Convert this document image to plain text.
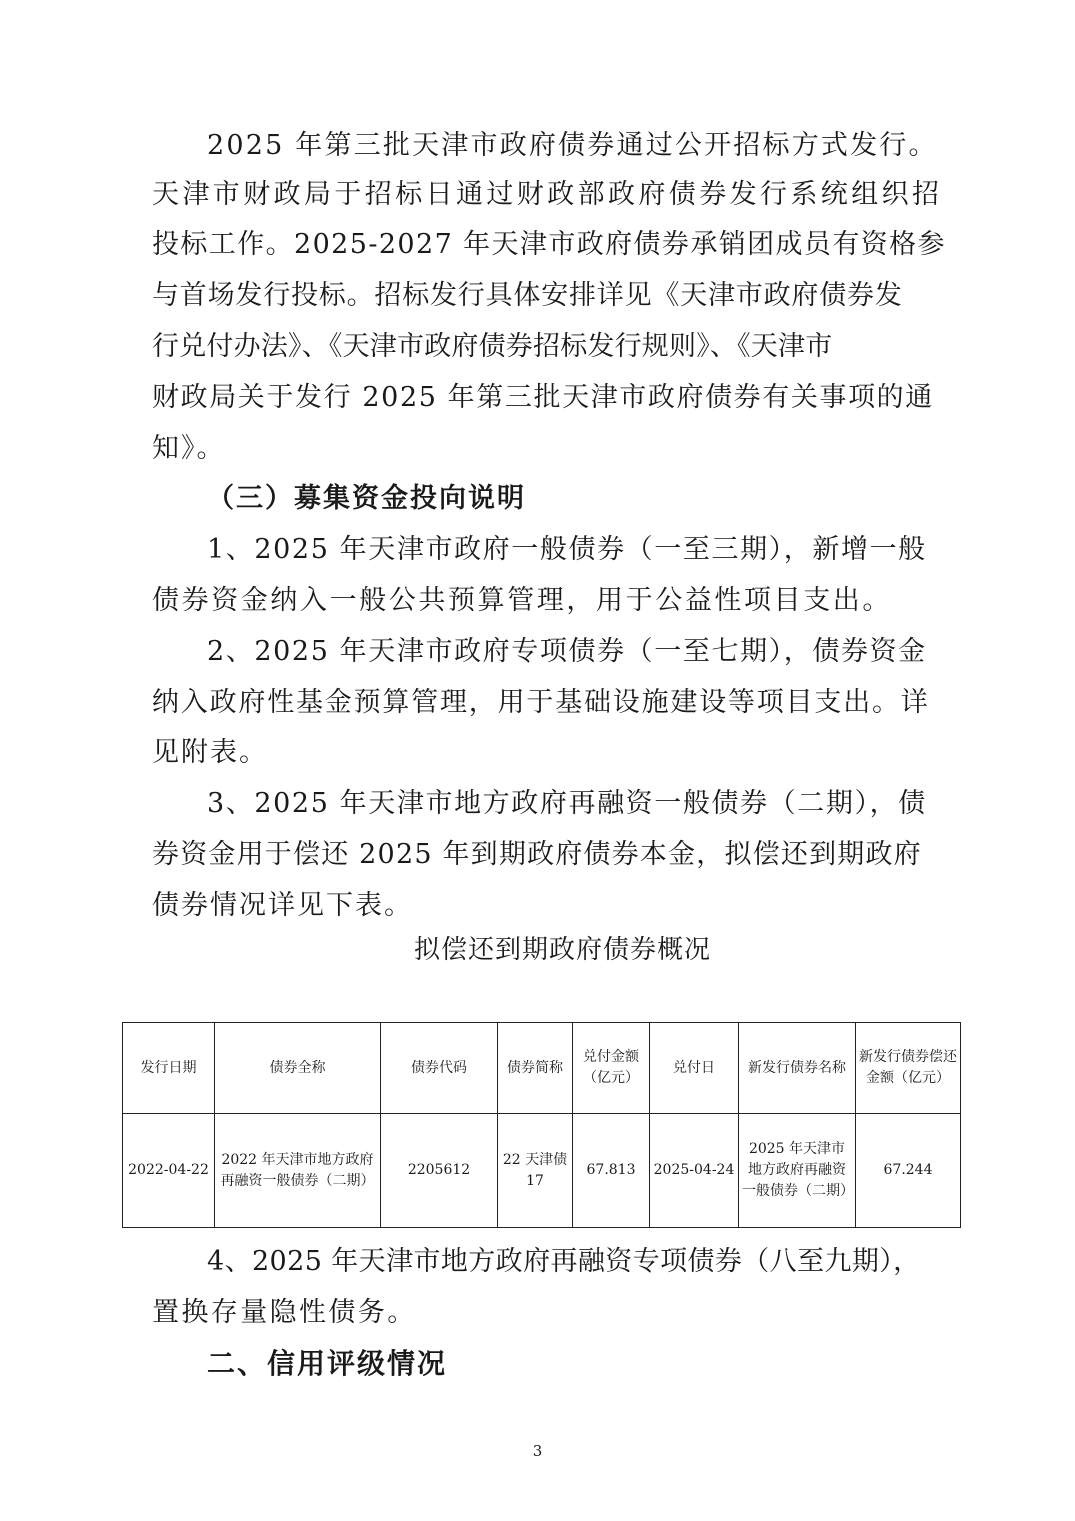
2025 年第三批天津市政府债券通过公开招标方式发行。

天津市财政局于招标日通过财政部政府债券发行系统组织招

投标工作。2025-2027 年天津市政府债券承销团成员有资格参

与首场发行投标。招标发行具体安排详见《天津市政府债券发

行兑付办法》、《天津市政府债券招标发行规则》、《天津市

财政局关于发行 2025 年第三批天津市政府债券有关事项的通

知》。

（三）募集资金投向说明

1、2025 年天津市政府一般债券（一至三期），新增一般

债券资金纳入一般公共预算管理，用于公益性项目支出。

2、2025 年天津市政府专项债券（一至七期），债券资金

纳入政府性基金预算管理，用于基础设施建设等项目支出。详

见附表。

3、2025 年天津市地方政府再融资一般债券（二期），债

券资金用于偿还 2025 年到期政府债券本金，拟偿还到期政府

债券情况详见下表。

拟偿还到期政府债券概况

发行日期	债券全称	债券代码	债券简称	兑付金额（亿元）	兑付日	新发行债券名称	新发行债券偿还金额（亿元）
2022-04-22	2022 年天津市地方政府再融资一般债券（二期）	2205612	22 天津债 17	67.813	2025-04-24	2025 年天津市地方政府再融资一般债券（二期）	67.244

4、2025 年天津市地方政府再融资专项债券（八至九期），

置换存量隐性债务。

二、信用评级情况

3
